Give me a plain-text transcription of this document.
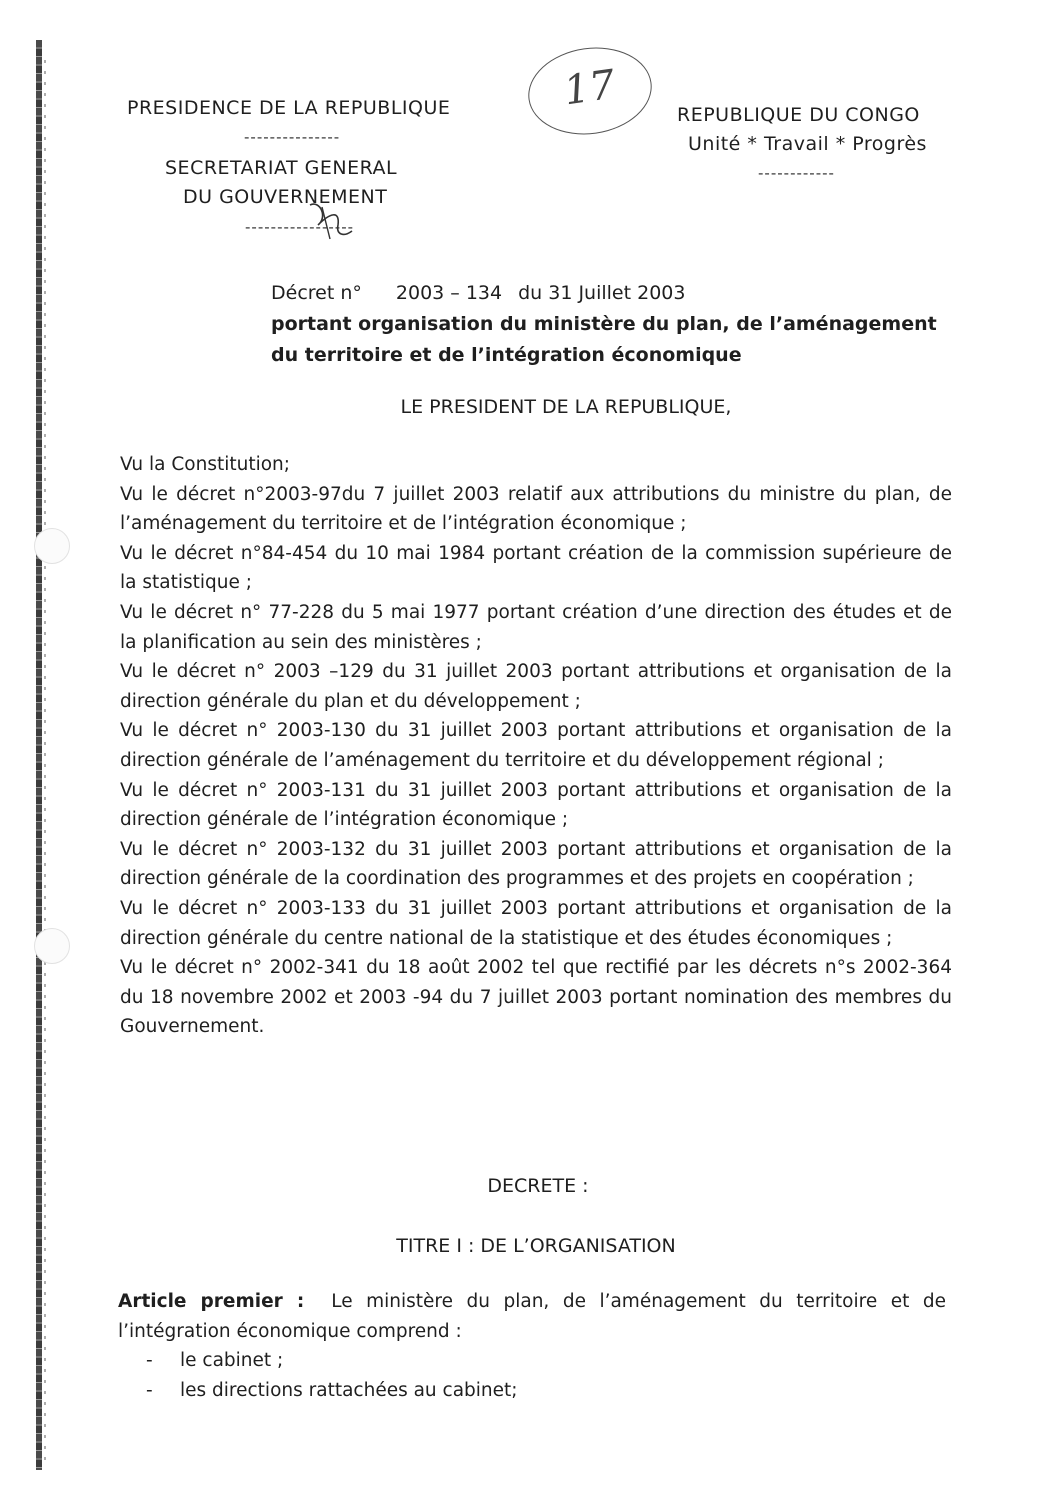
PRESIDENCE DE LA REPUBLIQUE
---------------
SECRETARIAT GENERAL
DU GOUVERNEMENT
-----------------
17
REPUBLIQUE DU CONGO
Unité * Travail * Progrès
------------
Décret n° 2003 – 134 du 31 Juillet 2003
portant organisation du ministère du plan, de l’aménagement
du territoire et de l’intégration économique
LE PRESIDENT DE LA REPUBLIQUE,

Vu la Constitution;

Vu le décret n°2003-97du 7 juillet 2003 relatif aux attributions du ministre du plan, de l’aménagement du territoire et de l’intégration économique ;

Vu le décret n°84-454 du 10 mai 1984 portant création de la commission supérieure de la statistique ;

Vu le décret n° 77-228 du 5 mai 1977 portant création d’une direction des études et de la planification au sein des ministères ;

Vu le décret n° 2003 –129 du 31 juillet 2003 portant attributions et organisation de la direction générale du plan et du développement ;

Vu le décret n° 2003-130 du 31 juillet 2003 portant attributions et organisation de la direction générale de l’aménagement du territoire et du développement régional ;

Vu le décret n° 2003-131 du 31 juillet 2003 portant attributions et organisation de la direction générale de l’intégration économique ;

Vu le décret n° 2003-132 du 31 juillet 2003 portant attributions et organisation de la direction générale de la coordination des programmes et des projets en coopération ;

Vu le décret n° 2003-133 du 31 juillet 2003 portant attributions et organisation de la direction générale du centre national de la statistique et des études économiques ;

Vu le décret n° 2002-341 du 18 août 2002 tel que rectifié par les décrets n°s 2002-364 du 18 novembre 2002 et 2003 -94 du 7 juillet 2003 portant nomination des membres du Gouvernement.

DECRETE :
TITRE I : DE L’ORGANISATION

Article premier : Le ministère du plan, de l’aménagement du territoire et de l’intégration économique comprend :

- le cabinet ;
- les directions rattachées au cabinet;
